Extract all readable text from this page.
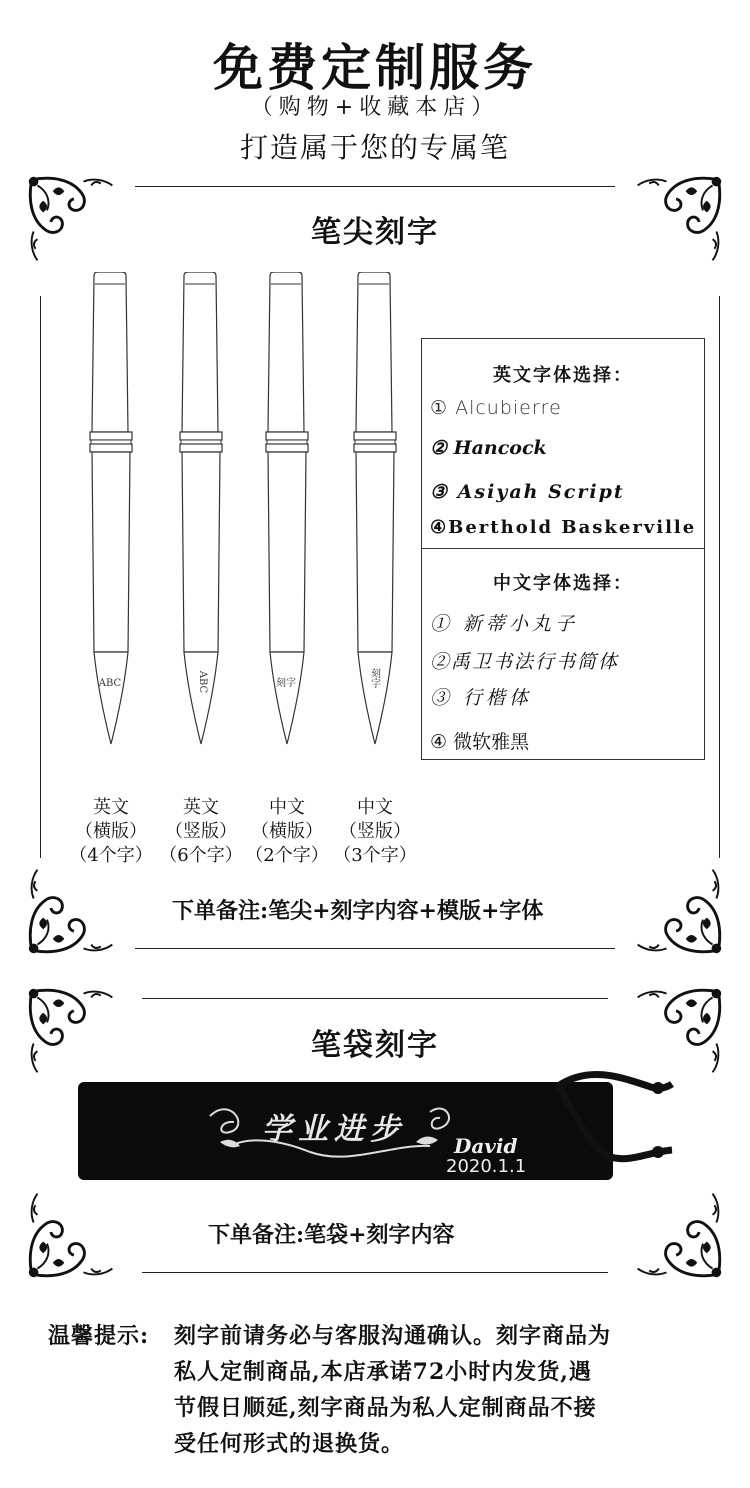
免费定制服务
（购物+收藏本店）
打造属于您的专属笔
笔尖刻字
ABC	ABC	刻字	刻字
英文
（横版）
（4个字）
英文
（竖版）
（6个字）
中文
（横版）
（2个字）
中文
（竖版）
（3个字）
英文字体选择：
① Alcubierre
② Hancock
③ Asiyah Script
④Berthold Baskerville
中文字体选择：
① 新蒂小丸子
②禹卫书法行书简体
③ 行楷体
④ 微软雅黑
下单备注:笔尖+刻字内容+模版+字体
笔袋刻字
学业进步 David
2020.1.1
下单备注:笔袋+刻字内容
温馨提示: 刻字前请务必与客服沟通确认。刻字商品为
私人定制商品,本店承诺72小时内发货,遇
节假日顺延,刻字商品为私人定制商品不接
受任何形式的退换货。
